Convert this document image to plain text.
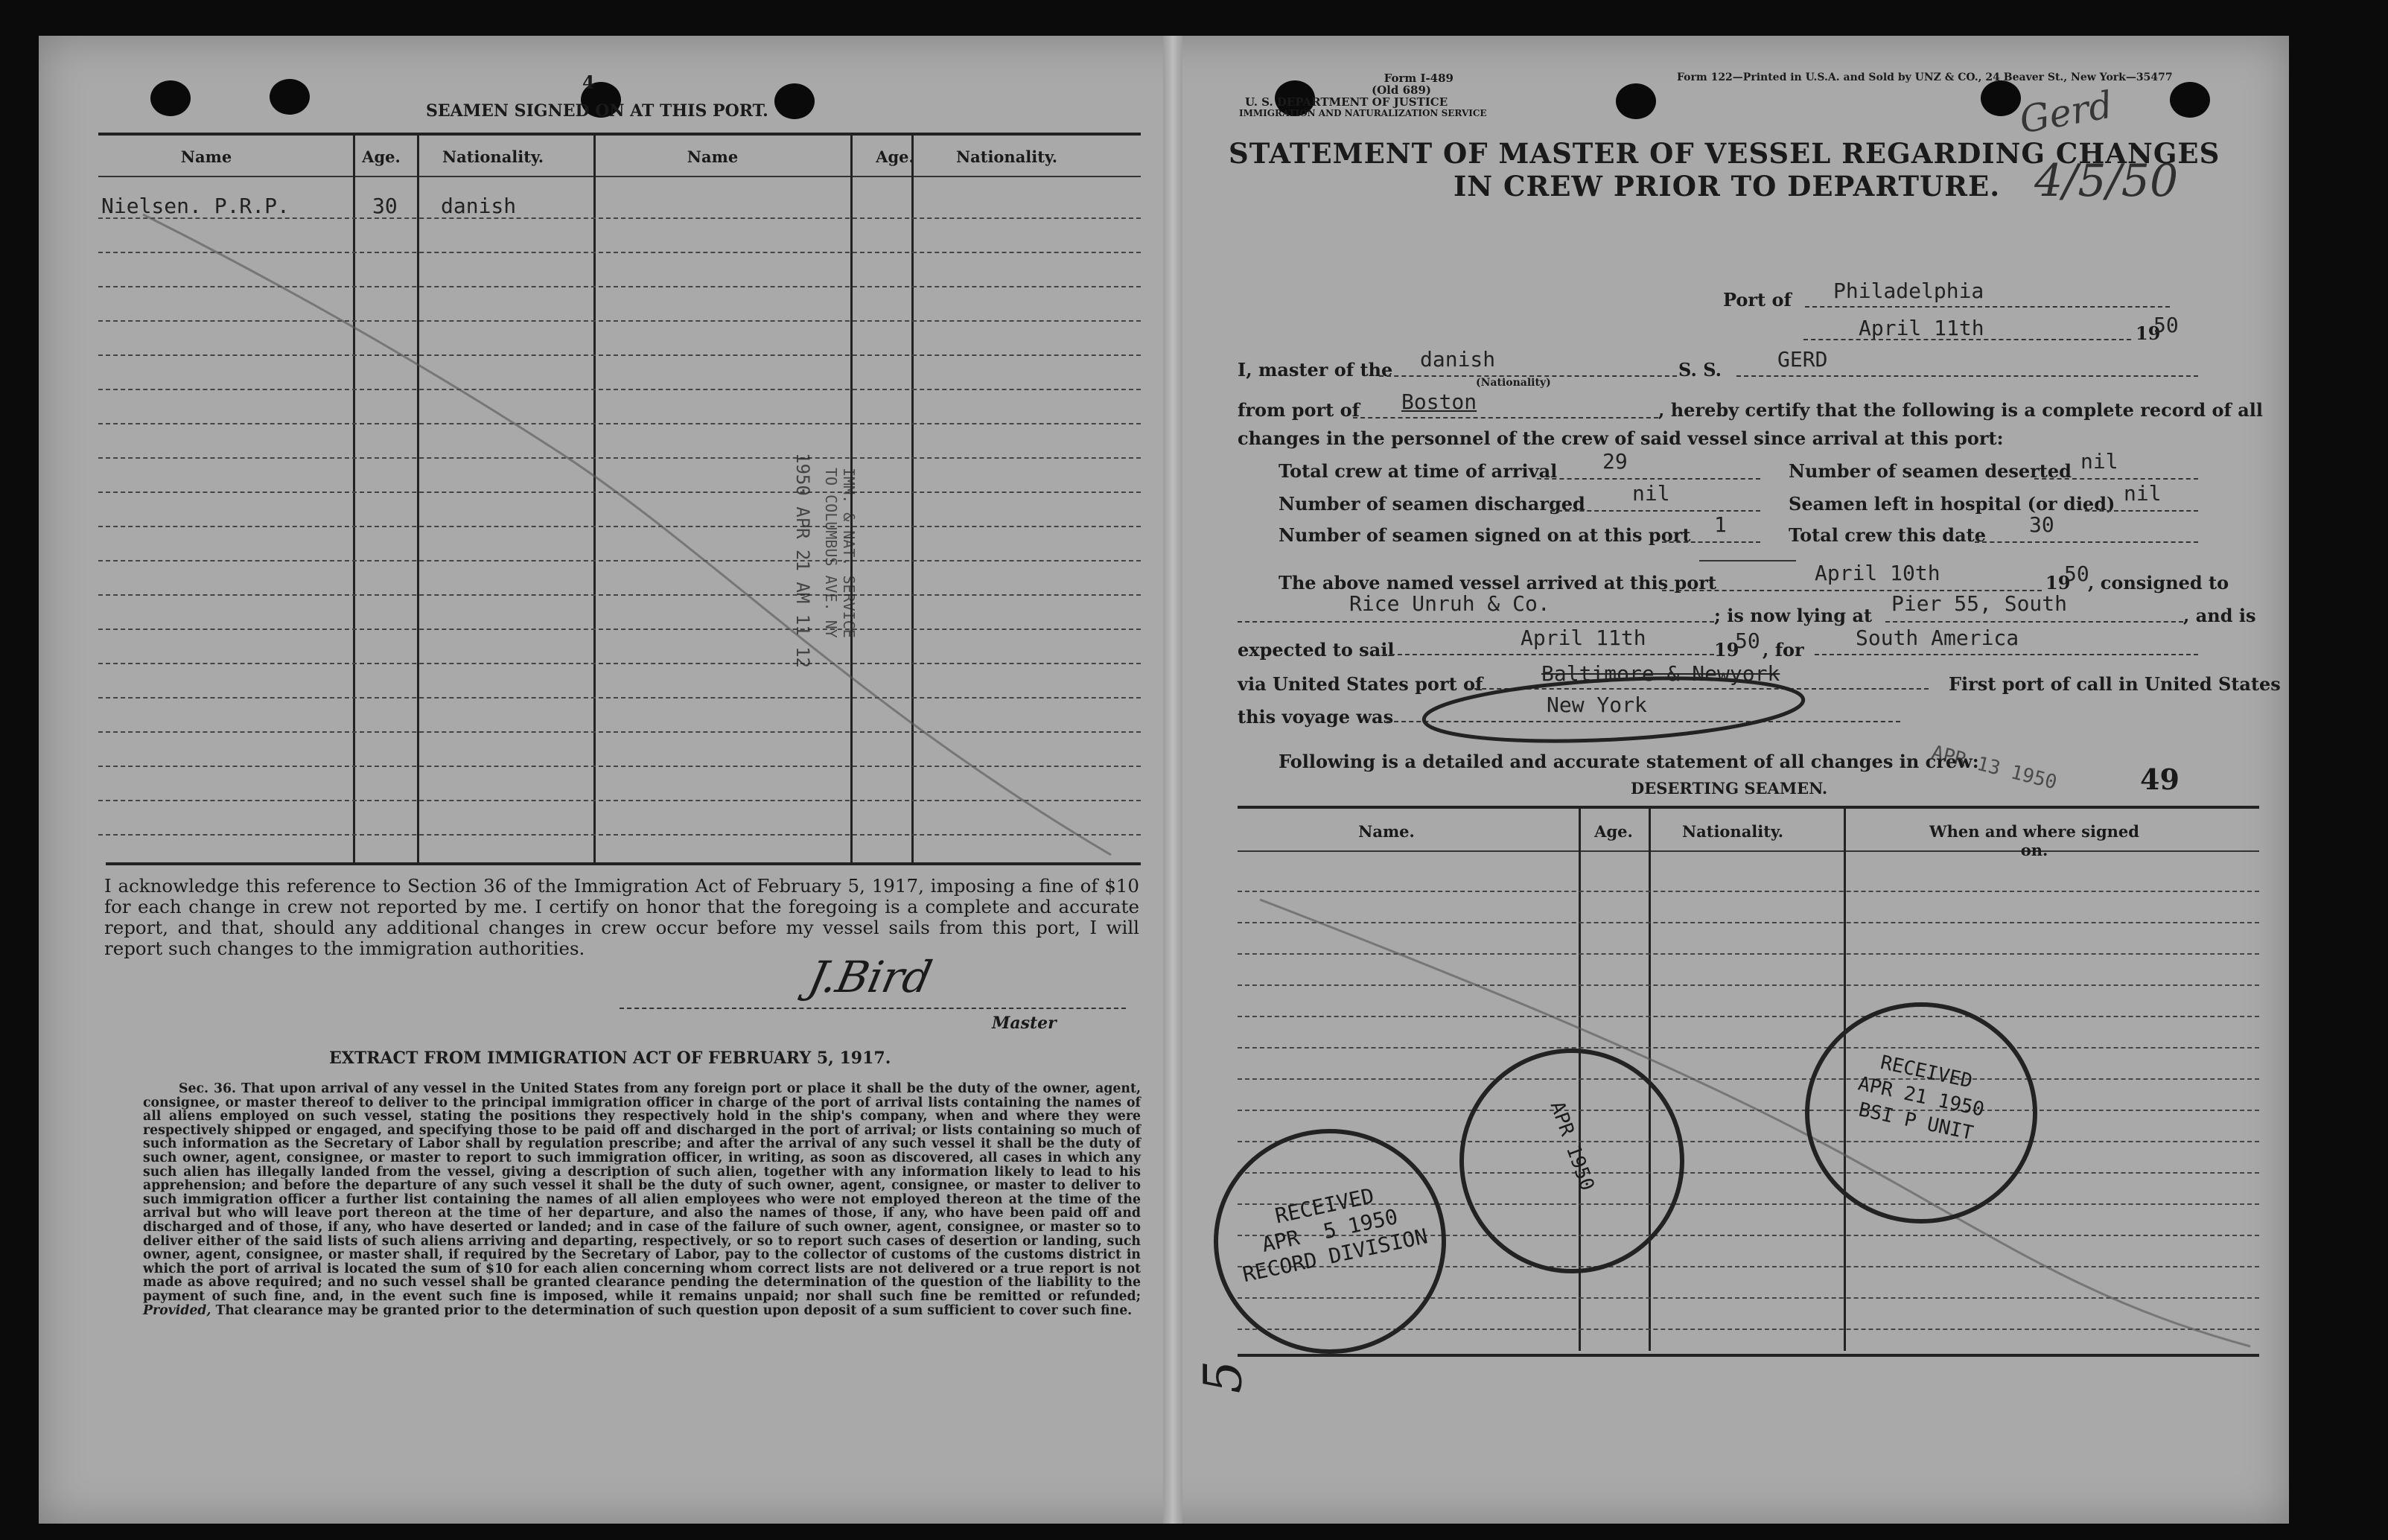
4
SEAMEN SIGNED ON AT THIS PORT.
Name	Age.	Nationality.	Name	Age.	Nationality.
Nielsen. P.R.P.	30 danish
1950 APR 21 AM 11 12	IMM. & NAT. SERVICE
TO COLUMBUS AVE. NY
I acknowledge this reference to Section 36 of the Immigration Act of February 5, 1917, imposing a fine of $10 for each change in crew not reported by me. I certify on honor that the foregoing is a complete and accurate report, and that, should any additional changes in crew occur before my vessel sails from this port, I will report such changes to the immigration authorities.
J.Bird
Master
EXTRACT FROM IMMIGRATION ACT OF FEBRUARY 5, 1917.
Sec. 36. That upon arrival of any vessel in the United States from any foreign port or place it shall be the duty of the owner, agent, consignee, or master thereof to deliver to the principal immigration officer in charge of the port of arrival lists containing the names of all aliens employed on such vessel, stating the positions they respectively hold in the ship's company, when and where they were respectively shipped or engaged, and specifying those to be paid off and discharged in the port of arrival; or lists containing so much of such information as the Secretary of Labor shall by regulation prescribe; and after the arrival of any such vessel it shall be the duty of such owner, agent, consignee, or master to report to such immigration officer, in writing, as soon as discovered, all cases in which any such alien has illegally landed from the vessel, giving a description of such alien, together with any information likely to lead to his apprehension; and before the departure of any such vessel it shall be the duty of such owner, agent, consignee, or master to deliver to such immigration officer a further list containing the names of all alien employees who were not employed thereon at the time of the arrival but who will leave port thereon at the time of her departure, and also the names of those, if any, who have been paid off and discharged and of those, if any, who have deserted or landed; and in case of the failure of such owner, agent, consignee, or master so to deliver either of the said lists of such aliens arriving and departing, respectively, or so to report such cases of desertion or landing, such owner, agent, consignee, or master shall, if required by the Secretary of Labor, pay to the collector of customs of the customs district in which the port of arrival is located the sum of $10 for each alien concerning whom correct lists are not delivered or a true report is not made as above required; and no such vessel shall be granted clearance pending the determination of the question of the liability to the payment of such fine, and, in the event such fine is imposed, while it remains unpaid; nor shall such fine be remitted or refunded; Provided, That clearance may be granted prior to the determination of such question upon deposit of a sum sufficient to cover such fine.
Form I-489
(Old 689)
U. S. DEPARTMENT OF JUSTICE
IMMIGRATION AND NATURALIZATION SERVICE
Form 122—Printed in U.S.A. and Sold by UNZ & CO., 24 Beaver St., New York—35477
STATEMENT OF MASTER OF VESSEL REGARDING CHANGES
IN CREW PRIOR TO DEPARTURE.
Gerd
4/5/50
Port of Philadelphia
April 11th	19
50
I, master of the danish
(Nationality)
S. S.	GERD
from port of Boston	, hereby certify that the following is a complete record of all
changes in the personnel of the crew of said vessel since arrival at this port:
Total crew at time of arrival 29	Number of seamen deserted nil
Number of seamen discharged nil	Seamen left in hospital (or died) nil
Number of seamen signed on at this port 1	Total crew this date 30
The above named vessel arrived at this port	April 10th	19
50
, consigned to
Rice Unruh & Co.	; is now lying at Pier 55, South	, and is
expected to sail	April 11th	19
50 , for South America
via United States port of	Baltimore & Newyork	First port of call in United States
this voyage was	New York
Following is a detailed and accurate statement of all changes in crew:
DESERTING SEAMEN.	49
Name.	Age.	Nationality.	When and where signed on.
RECEIVED
APR  5 1950
RECORD DIVISION
APR 1950
RECEIVED
APR 21 1950
BSI P UNIT
APR 13 1950
5
